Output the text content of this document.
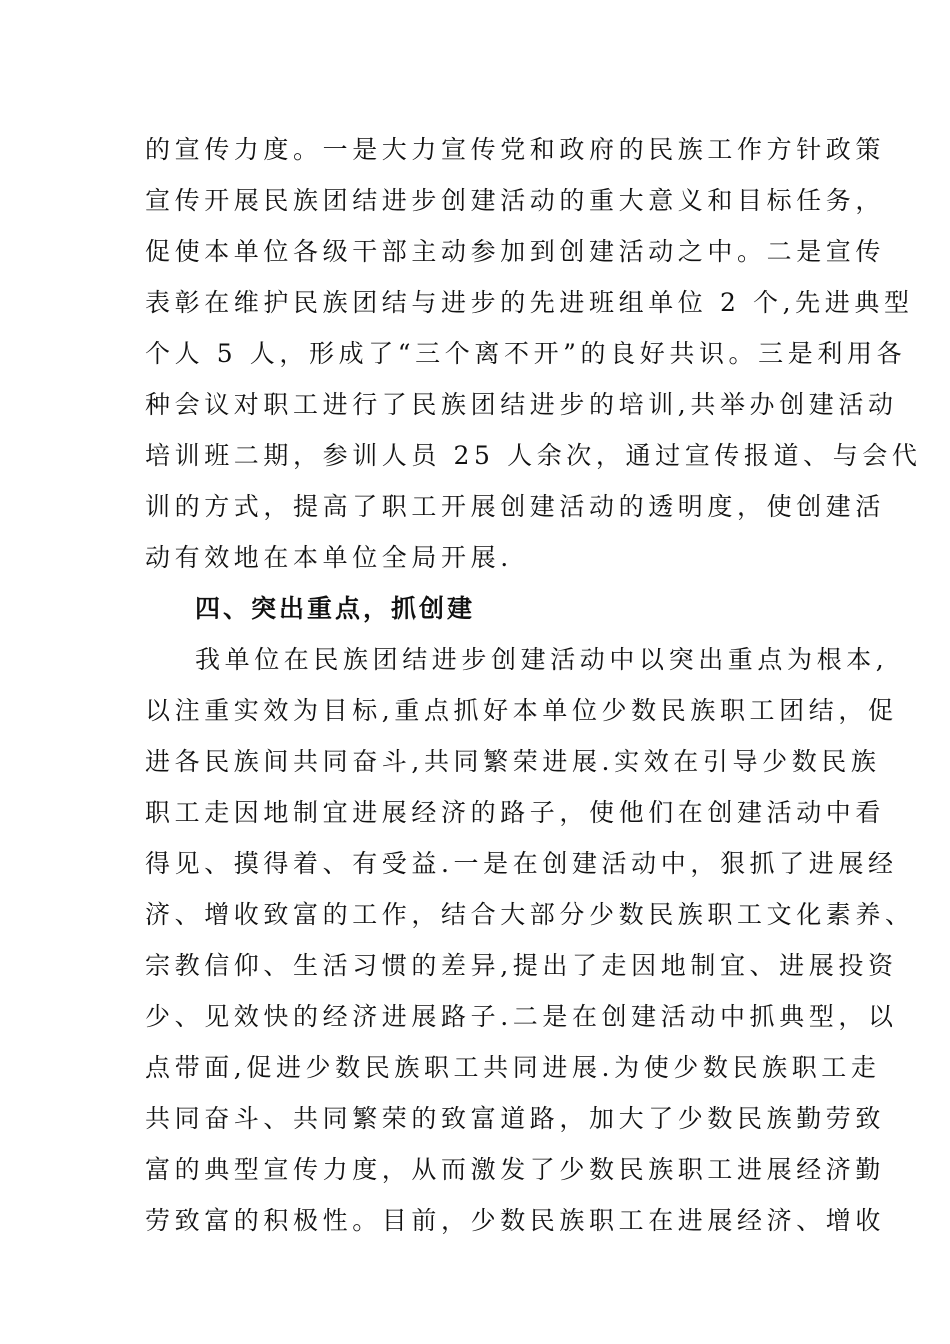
的宣传力度。一是大力宣传党和政府的民族工作方针政策
宣传开展民族团结进步创建活动的重大意义和目标任务，
促使本单位各级干部主动参加到创建活动之中。二是宣传
表彰在维护民族团结与进步的先进班组单位 2 个,先进典型
个人 5 人，形成了“三个离不开”的良好共识。三是利用各
种会议对职工进行了民族团结进步的培训,共举办创建活动
培训班二期，参训人员 25 人余次，通过宣传报道、与会代
训的方式，提高了职工开展创建活动的透明度，使创建活
动有效地在本单位全局开展.
四、突出重点，抓创建
我单位在民族团结进步创建活动中以突出重点为根本,
以注重实效为目标,重点抓好本单位少数民族职工团结，促
进各民族间共同奋斗,共同繁荣进展.实效在引导少数民族
职工走因地制宜进展经济的路子，使他们在创建活动中看
得见、摸得着、有受益.一是在创建活动中，狠抓了进展经
济、增收致富的工作，结合大部分少数民族职工文化素养、
宗教信仰、生活习惯的差异,提出了走因地制宜、进展投资
少、见效快的经济进展路子.二是在创建活动中抓典型，以
点带面,促进少数民族职工共同进展.为使少数民族职工走
共同奋斗、共同繁荣的致富道路，加大了少数民族勤劳致
富的典型宣传力度，从而激发了少数民族职工进展经济勤
劳致富的积极性。目前，少数民族职工在进展经济、增收
